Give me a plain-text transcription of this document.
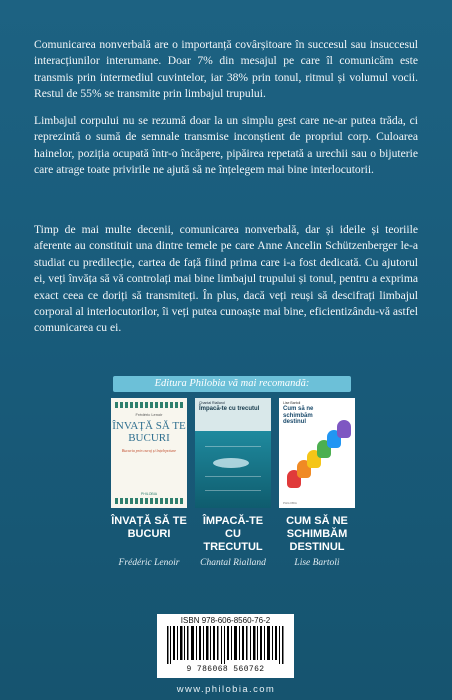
Comunicarea nonverbală are o importanță covârșitoare în succesul sau insuccesul interacțiunilor interumane. Doar 7% din mesajul pe care îl comunicăm este transmis prin intermediul cuvintelor, iar 38% prin tonul, ritmul și volumul vocii. Restul de 55% se transmite prin limbajul trupului.

Limbajul corpului nu se rezumă doar la un simplu gest care ne-ar putea trăda, ci reprezintă o sumă de semnale transmise inconștient de propriul corp. Culoarea hainelor, poziția ocupată într-o încăpere, pipăirea repetată a urechii sau o bijuterie care atrage toate privirile ne ajută să ne înțelegem mai bine interlocutorii.

Timp de mai multe decenii, comunicarea nonverbală, dar și ideile și teoriile aferente au constituit una dintre temele pe care Anne Ancelin Schützenberger le-a studiat cu predilecție, cartea de față fiind prima care i-a fost dedicată. Cu ajutorul ei, veți învăța să vă controlați mai bine limbajul trupului și tonul, pentru a exprima exact ceea ce doriți să transmiteți. În plus, dacă veți reuși să descifrați limbajul corporal al interlocutorilor, îi veți putea cunoaște mai bine, eficientizându-vă astfel comunicarea cu ei.

Editura Philobia vă mai recomandă:
Frédéric Lenoir
ÎNVAȚĂ SĂ TE BUCURI
Bucuria prin curaj și înțelepciune
PHILOBIA
ÎNVAȚĂ SĂ TE BUCURI
Frédéric Lenoir
Chantal Rialland
Împacă-te cu trecutul
ÎMPACĂ-TE CU TRECUTUL
Chantal Rialland
Lise Bartoli
Cum să ne schimbăm destinul
PHILOBIA
CUM SĂ NE SCHIMBĂM DESTINUL
Lise Bartoli
ISBN 978-606-8560-76-2
9 786068 560762
www.philobia.com
